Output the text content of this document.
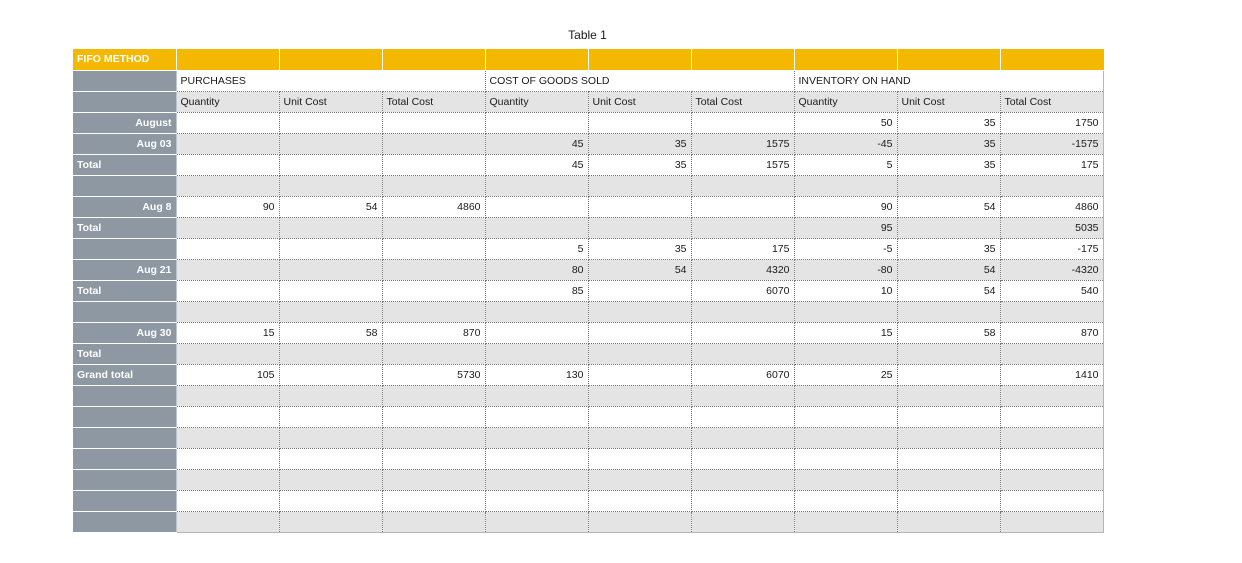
Table 1
FIFO METHOD									
	PURCHASES			COST OF GOODS SOLD			INVENTORY ON HAND		
	Quantity	Unit Cost	Total Cost	Quantity	Unit Cost	Total Cost	Quantity	Unit Cost	Total Cost
August							50	35	1750
Aug 03				45	35	1575	-45	35	-1575
Total				45	35	1575	5	35	175

Aug 8	90	54	4860				90	54	4860
Total							95		5035
				5	35	175	-5	35	-175
Aug 21				80	54	4320	-80	54	-4320
Total				85		6070	10	54	540

Aug 30	15	58	870				15	58	870
Total									
Grand total	105		5730	130		6070	25		1410
